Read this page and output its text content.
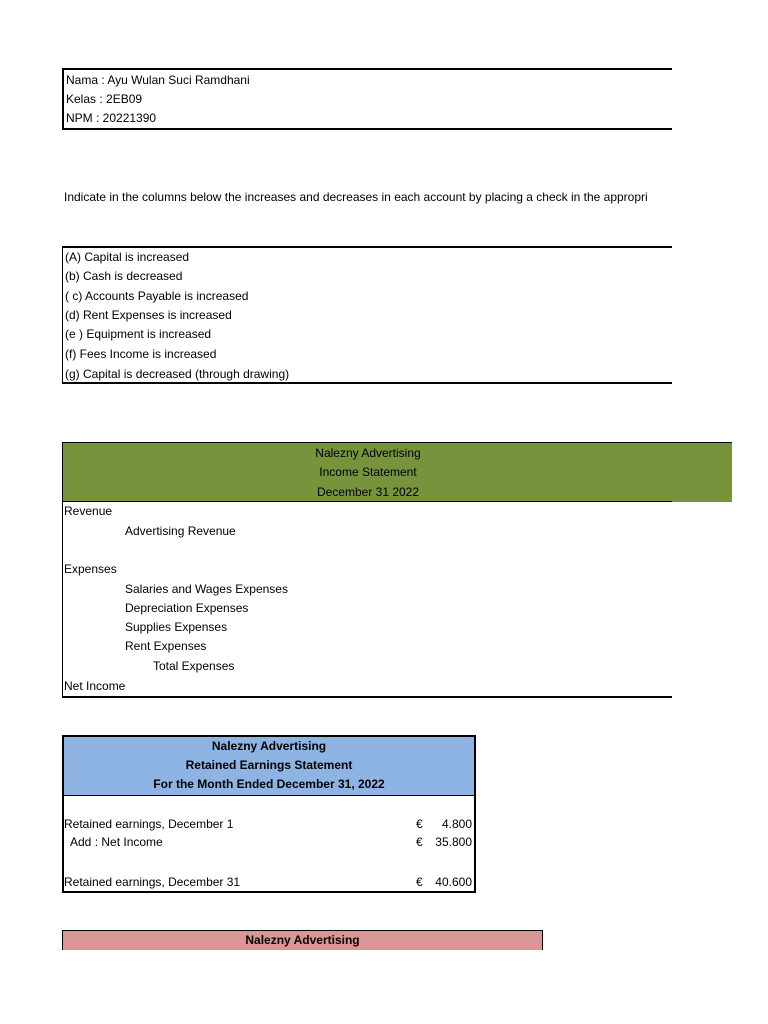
Nama : Ayu Wulan Suci Ramdhani
Kelas : 2EB09
NPM : 20221390
Indicate in the columns below the increases and decreases in each account by placing a check in the appropri
(A) Capital is increased
(b) Cash is decreased
( c) Accounts Payable is increased
(d) Rent Expenses is increased
(e ) Equipment is increased
(f) Fees Income is increased
(g) Capital is decreased (through drawing)
Nalezny Advertising
Income Statement
December 31 2022
Revenue
Advertising Revenue
Expenses
Salaries and Wages Expenses
Depreciation Expenses
Supplies Expenses
Rent Expenses
Total Expenses
Net Income
Nalezny Advertising
Retained Earnings Statement
For the Month Ended December 31, 2022
Retained earnings, December 1	€ 4.800
Add : Net Income	€ 35.800
Retained earnings, December 31	€ 40.600
Nalezny Advertising
